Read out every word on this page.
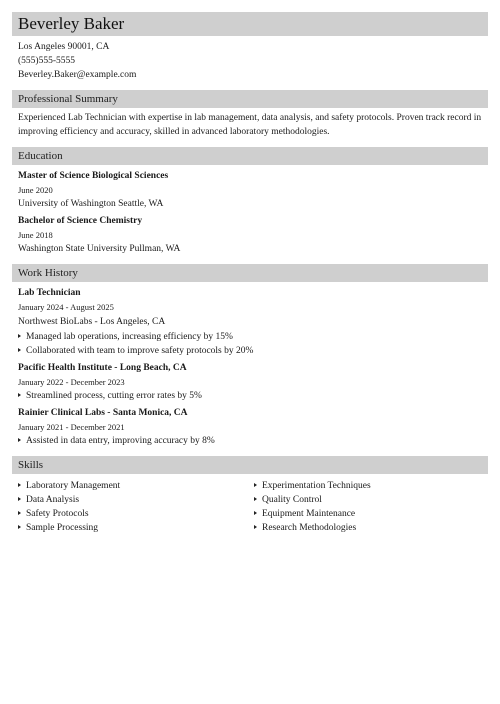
Beverley Baker
Los Angeles 90001, CA
(555)555-5555
Beverley.Baker@example.com
Professional Summary
Experienced Lab Technician with expertise in lab management, data analysis, and safety protocols. Proven track record in improving efficiency and accuracy, skilled in advanced laboratory methodologies.
Education
Master of Science Biological Sciences
June 2020
University of Washington Seattle, WA
Bachelor of Science Chemistry
June 2018
Washington State University Pullman, WA
Work History
Lab Technician
January 2024 - August 2025
Northwest BioLabs - Los Angeles, CA
Managed lab operations, increasing efficiency by 15%
Collaborated with team to improve safety protocols by 20%
Pacific Health Institute - Long Beach, CA
January 2022 - December 2023
Streamlined process, cutting error rates by 5%
Rainier Clinical Labs - Santa Monica, CA
January 2021 - December 2021
Assisted in data entry, improving accuracy by 8%
Skills
Laboratory Management
Data Analysis
Safety Protocols
Sample Processing
Experimentation Techniques
Quality Control
Equipment Maintenance
Research Methodologies
